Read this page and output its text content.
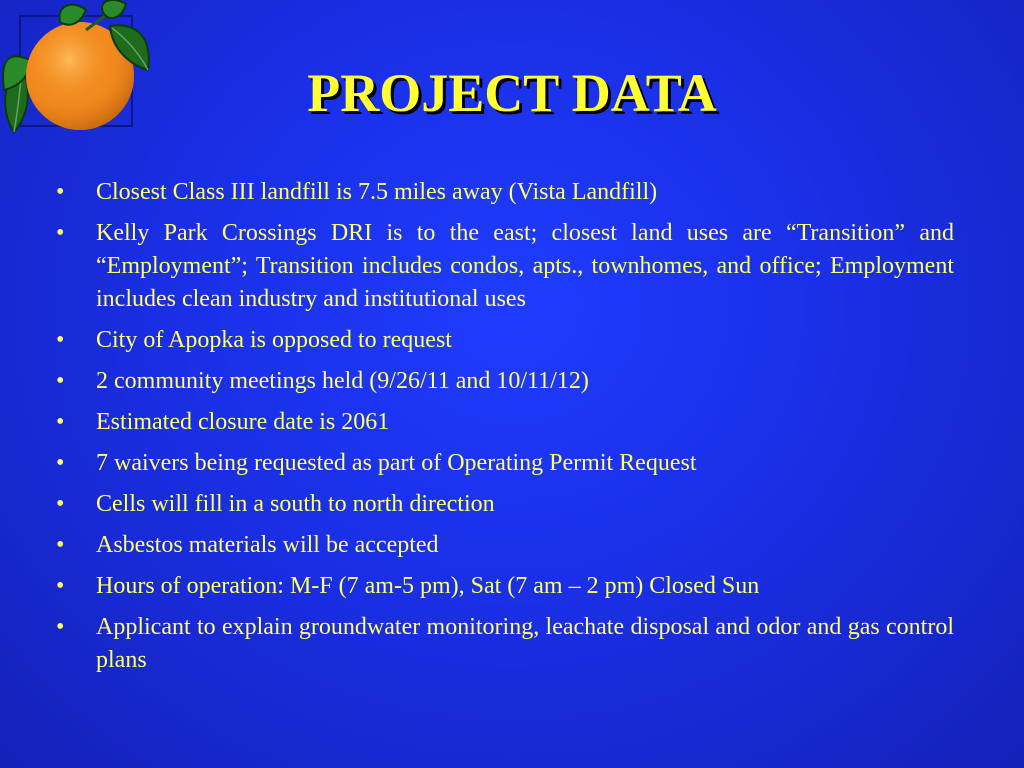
PROJECT DATA
•	Closest Class III landfill is 7.5 miles away (Vista Landfill)
•	Kelly Park Crossings DRI is to the east; closest land uses are “Transition” and “Employment”; Transition includes condos, apts., townhomes, and office; Employment includes clean industry and institutional uses
•	City of Apopka is opposed to request
•	2 community meetings held (9/26/11 and 10/11/12)
•	Estimated closure date is 2061
•	7 waivers being requested as part of Operating Permit Request
•	Cells will fill in a south to north direction
•	Asbestos materials will be accepted
•	Hours of operation: M-F (7 am-5 pm), Sat (7 am – 2 pm) Closed Sun
•	Applicant to explain groundwater monitoring, leachate disposal and odor and gas control plans
